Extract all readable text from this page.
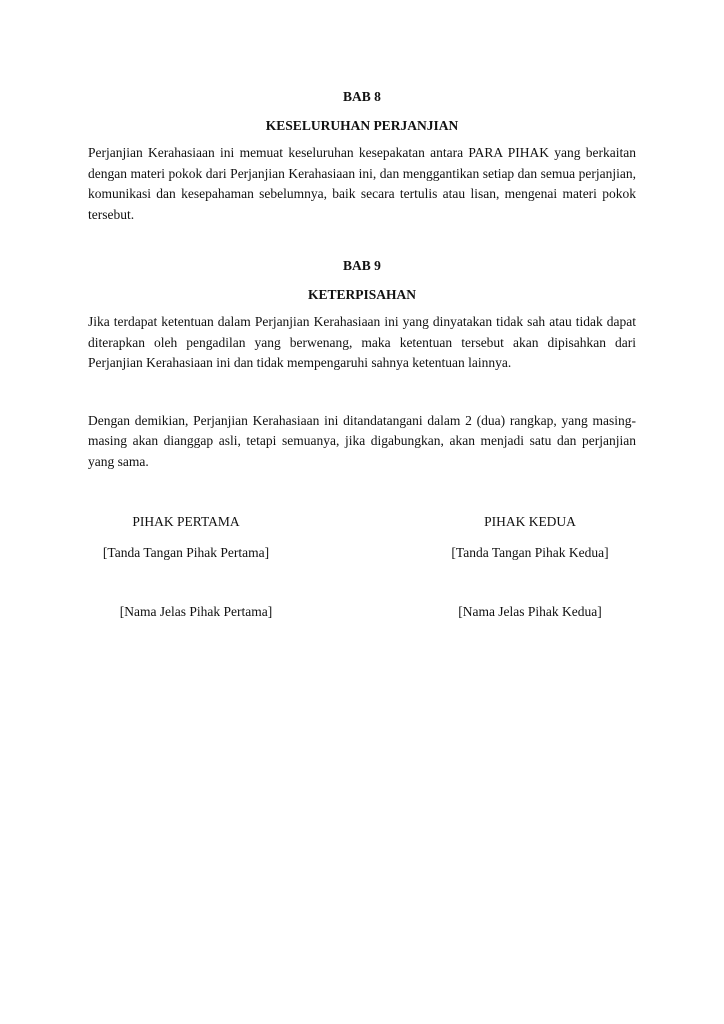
BAB 8

KESELURUHAN PERJANJIAN

Perjanjian Kerahasiaan ini memuat keseluruhan kesepakatan antara PARA PIHAK yang berkaitan dengan materi pokok dari Perjanjian Kerahasiaan ini, dan menggantikan setiap dan semua perjanjian, komunikasi dan kesepahaman sebelumnya, baik secara tertulis atau lisan, mengenai materi pokok tersebut.

BAB 9

KETERPISAHAN

Jika terdapat ketentuan dalam Perjanjian Kerahasiaan ini yang dinyatakan tidak sah atau tidak dapat diterapkan oleh pengadilan yang berwenang, maka ketentuan tersebut akan dipisahkan dari Perjanjian Kerahasiaan ini dan tidak mempengaruhi sahnya ketentuan lainnya.

Dengan demikian, Perjanjian Kerahasiaan ini ditandatangani dalam 2 (dua) rangkap, yang masing-masing akan dianggap asli, tetapi semuanya, jika digabungkan, akan menjadi satu dan perjanjian yang sama.

PIHAK PERTAMA
[Tanda Tangan Pihak Pertama]
[Nama Jelas Pihak Pertama]
PIHAK KEDUA
[Tanda Tangan Pihak Kedua]
[Nama Jelas Pihak Kedua]
